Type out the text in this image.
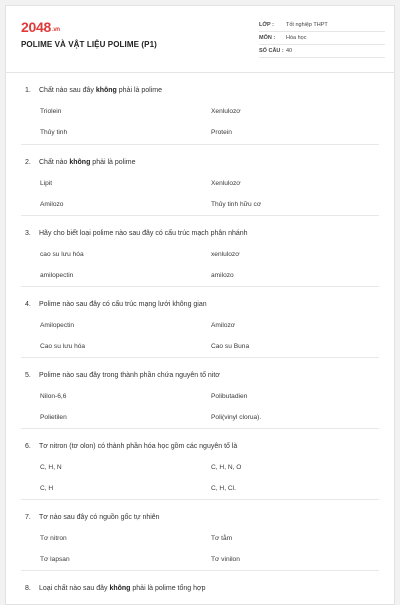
2048.vn
POLIME VÀ VẬT LIỆU POLIME (P1)
LỚP :	Tốt nghiệp THPT
MÔN :	Hóa học
SỐ CÂU : 40
1. Chất nào sau đây không phải là polime
Triolein	Xenlulozơ
Thủy tinh	Protein
2. Chất nào không phải là polime
Lipit	Xenlulozơ
Amilozo	Thủy tinh hữu cơ
3. Hãy cho biết loại polime nào sau đây có cấu trúc mạch phân nhánh
cao su lưu hóa	xenlulozơ
amilopectin	amilozo
4. Polime nào sau đây có cấu trúc mạng lưới không gian
Amilopectin	Amilozơ
Cao su lưu hóa	Cao su Buna
5. Polime nào sau đây trong thành phần chứa nguyên tố nitơ
Nilon-6,6	Polibutadien
Polietilen	Poli(vinyl clorua).
6. Tơ nitron (tơ olon) có thành phần hóa học gồm các nguyên tố là
C, H, N	C, H, N, O
C, H	C, H, Cl.
7. Tơ nào sau đây có nguồn gốc tự nhiên
Tơ nitron	Tơ tằm
Tơ lapsan	Tơ vinilon
8. Loại chất nào sau đây không phải là polime tổng hợp
